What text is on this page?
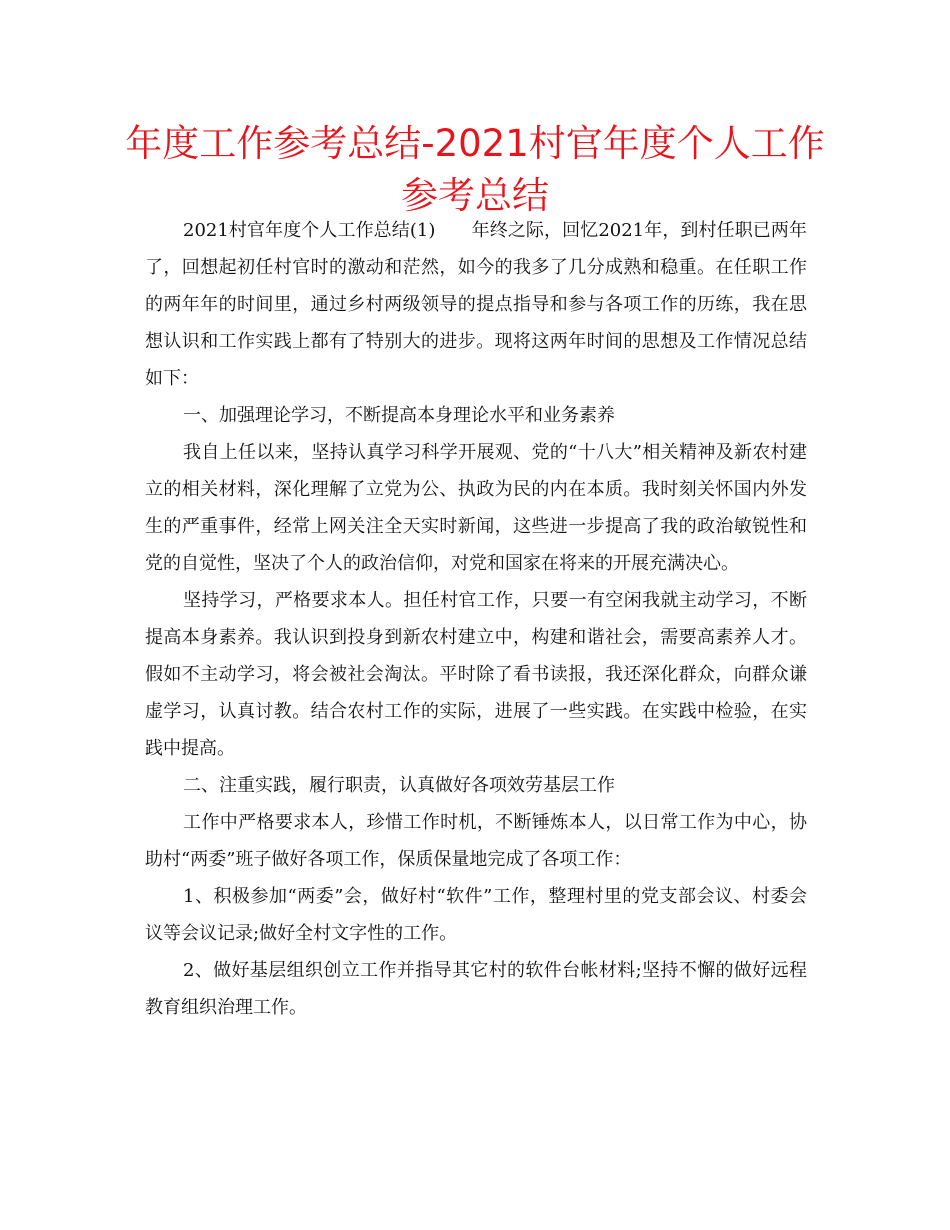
年度工作参考总结-2021村官年度个人工作参考总结

2021村官年度个人工作总结(1)　　年终之际，回忆2021年，到村任职已两年了，回想起初任村官时的激动和茫然，如今的我多了几分成熟和稳重。在任职工作的两年年的时间里，通过乡村两级领导的提点指导和参与各项工作的历练，我在思想认识和工作实践上都有了特别大的进步。现将这两年时间的思想及工作情况总结如下：

一、加强理论学习，不断提高本身理论水平和业务素养

我自上任以来，坚持认真学习科学开展观、党的“十八大”相关精神及新农村建立的相关材料，深化理解了立党为公、执政为民的内在本质。我时刻关怀国内外发生的严重事件，经常上网关注全天实时新闻，这些进一步提高了我的政治敏锐性和党的自觉性，坚决了个人的政治信仰，对党和国家在将来的开展充满决心。

坚持学习，严格要求本人。担任村官工作，只要一有空闲我就主动学习，不断提高本身素养。我认识到投身到新农村建立中，构建和谐社会，需要高素养人才。假如不主动学习，将会被社会淘汰。平时除了看书读报，我还深化群众，向群众谦虚学习，认真讨教。结合农村工作的实际，进展了一些实践。在实践中检验，在实践中提高。

二、注重实践，履行职责，认真做好各项效劳基层工作

工作中严格要求本人，珍惜工作时机，不断锤炼本人，以日常工作为中心，协助村“两委”班子做好各项工作，保质保量地完成了各项工作：

1、积极参加“两委”会，做好村“软件”工作，整理村里的党支部会议、村委会议等会议记录;做好全村文字性的工作。

2、做好基层组织创立工作并指导其它村的软件台帐材料;坚持不懈的做好远程教育组织治理工作。
